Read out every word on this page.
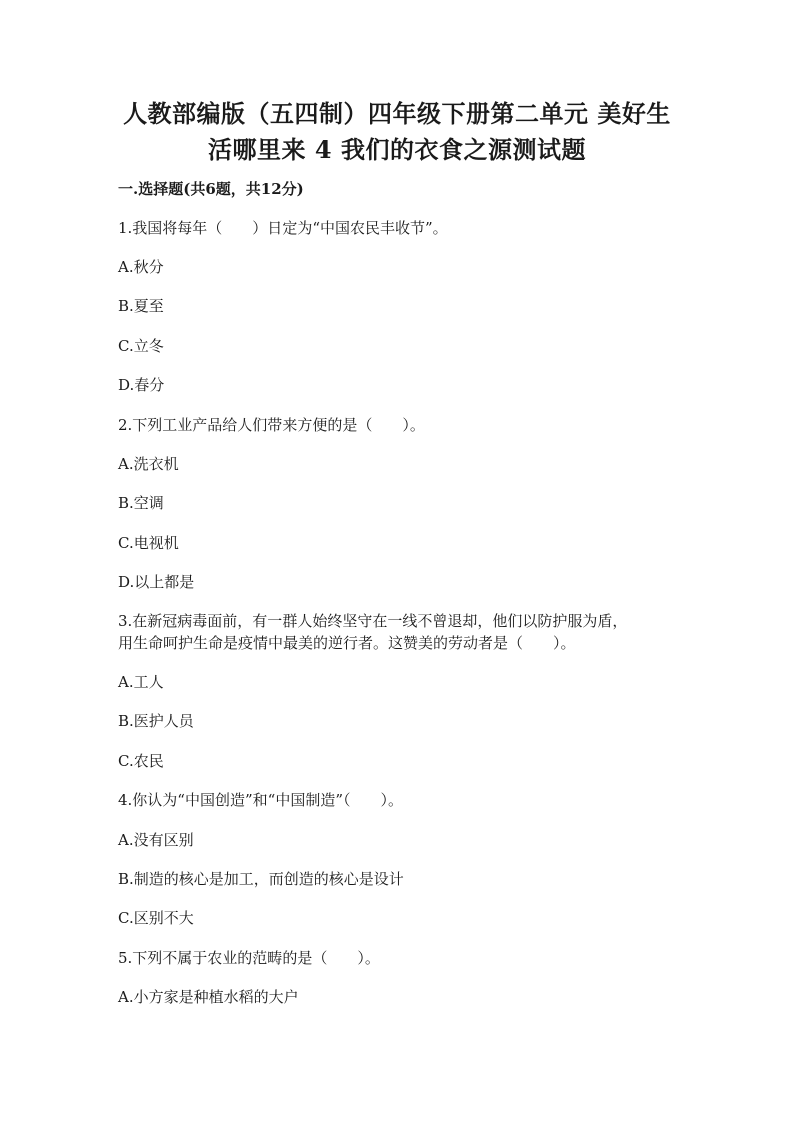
人教部编版（五四制）四年级下册第二单元 美好生
活哪里来 4 我们的衣食之源测试题
一.选择题(共6题，共12分)
1.我国将每年（　　）日定为“中国农民丰收节”。
A.秋分
B.夏至
C.立冬
D.春分
2.下列工业产品给人们带来方便的是（　　）。
A.洗衣机
B.空调
C.电视机
D.以上都是
3.在新冠病毒面前，有一群人始终坚守在一线不曾退却，他们以防护服为盾，
用生命呵护生命是疫情中最美的逆行者。这赞美的劳动者是（　　）。
A.工人
B.医护人员
C.农民
4.你认为“中国创造”和“中国制造”（　　）。
A.没有区别
B.制造的核心是加工，而创造的核心是设计
C.区别不大
5.下列不属于农业的范畴的是（　　）。
A.小方家是种植水稻的大户
